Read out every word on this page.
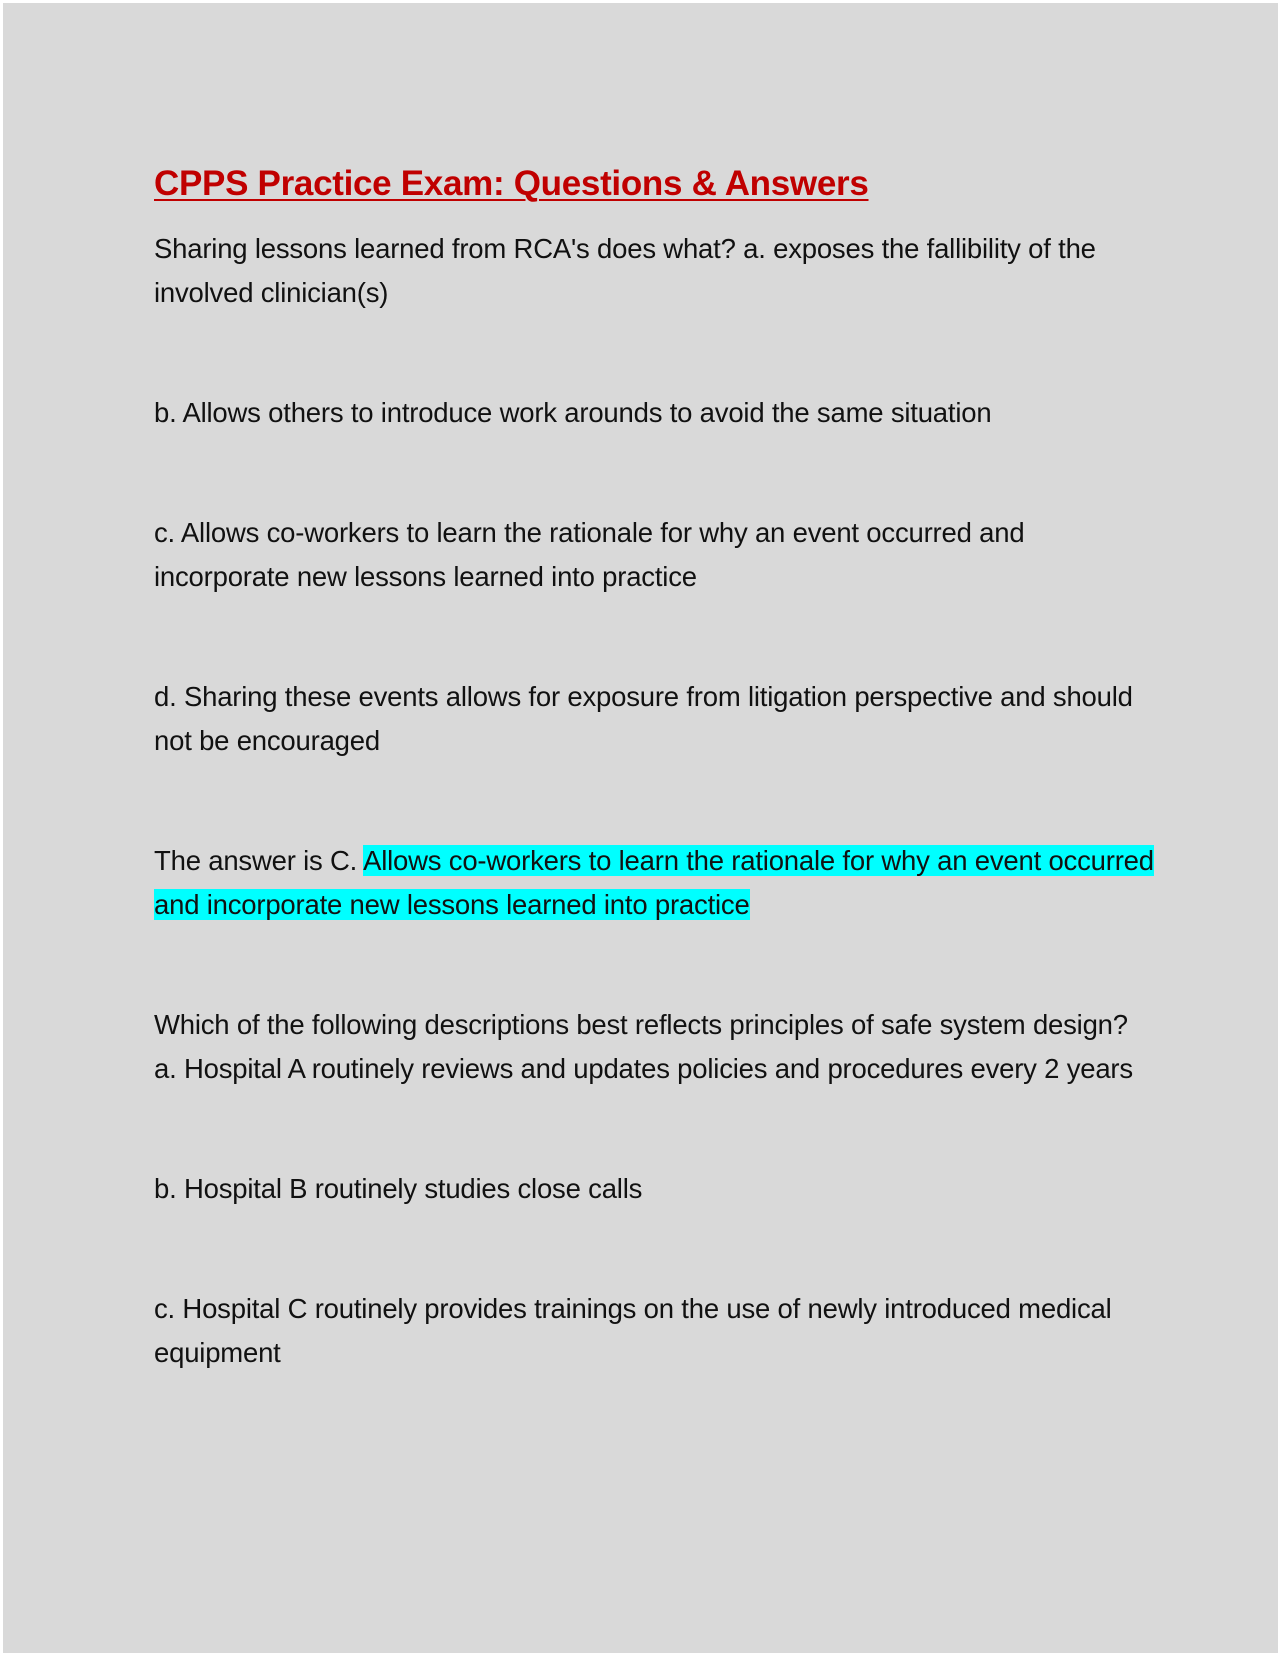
CPPS Practice Exam: Questions & Answers

Sharing lessons learned from RCA's does what? a. exposes the fallibility of the involved clinician(s)

b. Allows others to introduce work arounds to avoid the same situation

c. Allows co-workers to learn the rationale for why an event occurred and incorporate new lessons learned into practice

d. Sharing these events allows for exposure from litigation perspective and should not be encouraged

The answer is C. Allows co-workers to learn the rationale for why an event occurred and incorporate new lessons learned into practice

Which of the following descriptions best reflects principles of safe system design? a. Hospital A routinely reviews and updates policies and procedures every 2 years

b. Hospital B routinely studies close calls

c. Hospital C routinely provides trainings on the use of newly introduced medical equipment
